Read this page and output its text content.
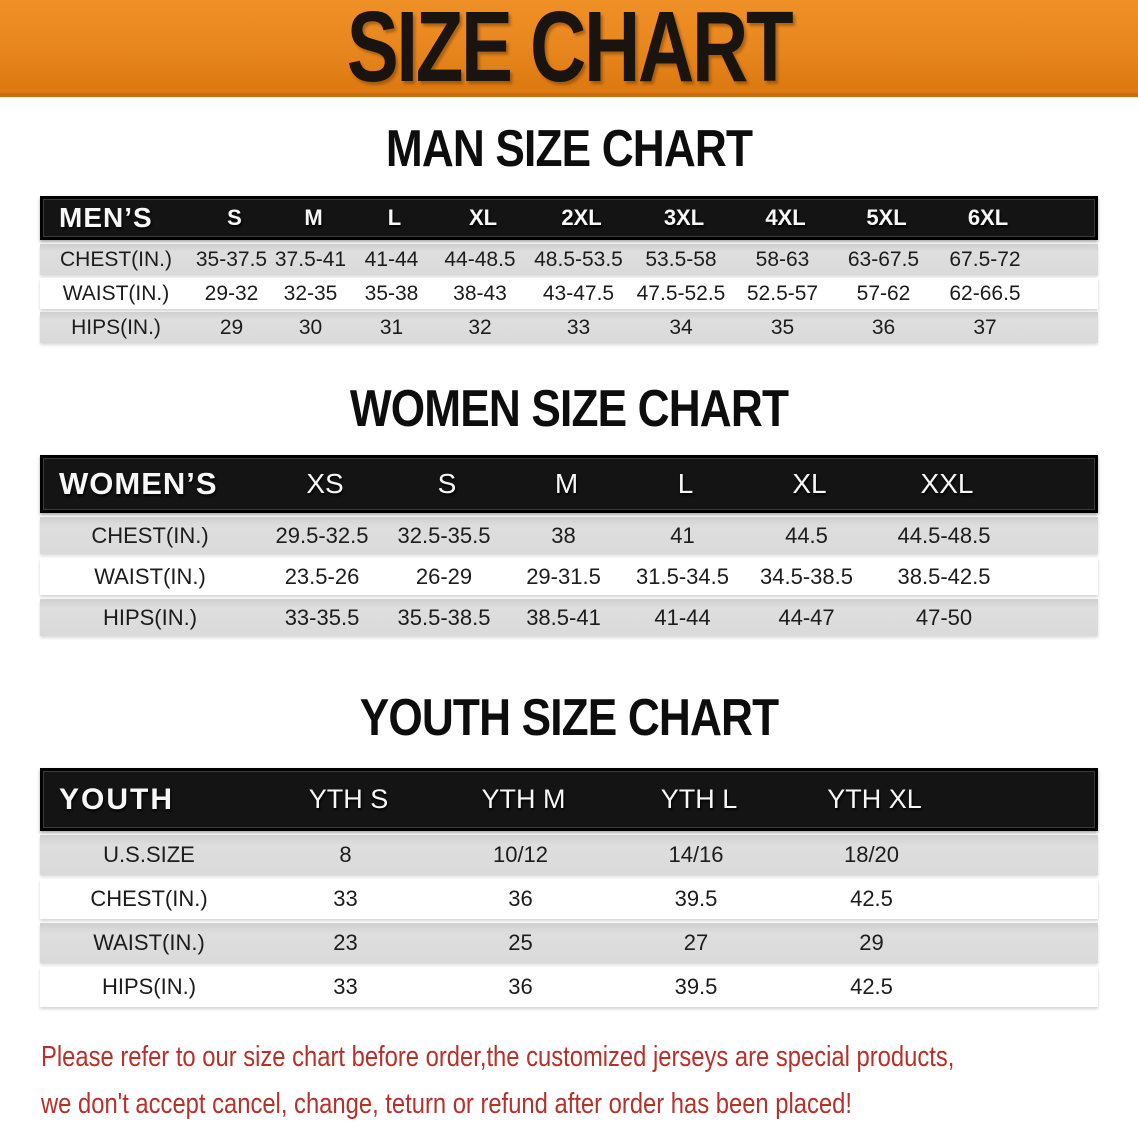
SIZE CHART
MAN SIZE CHART
MEN’S	S	M	L	XL	2XL	3XL	4XL	5XL	6XL
CHEST(IN.)	35-37.5 37.5-41 41-44	44-48.5 48.5-53.5	53.5-58	58-63	63-67.5	67.5-72
WAIST(IN.)	29-32	32-35	35-38	38-43	43-47.5	47.5-52.5	52.5-57	57-62	62-66.5
HIPS(IN.)	29	30	31	32	33	34	35	36	37
WOMEN SIZE CHART
WOMEN’S	XS	S	M	L	XL	XXL
CHEST(IN.)	29.5-32.5	32.5-35.5	38	41	44.5	44.5-48.5
WAIST(IN.)	23.5-26	26-29	29-31.5	31.5-34.5	34.5-38.5	38.5-42.5
HIPS(IN.)	33-35.5	35.5-38.5	38.5-41	41-44	44-47	47-50
YOUTH SIZE CHART
YOUTH	YTH S	YTH M	YTH L	YTH XL
U.S.SIZE	8	10/12	14/16	18/20
CHEST(IN.)	33	36	39.5	42.5
WAIST(IN.)	23	25	27	29
HIPS(IN.)	33	36	39.5	42.5

Please refer to our size chart before order,the customized jerseys are special products,

we don't accept cancel, change, teturn or refund after order has been placed!
